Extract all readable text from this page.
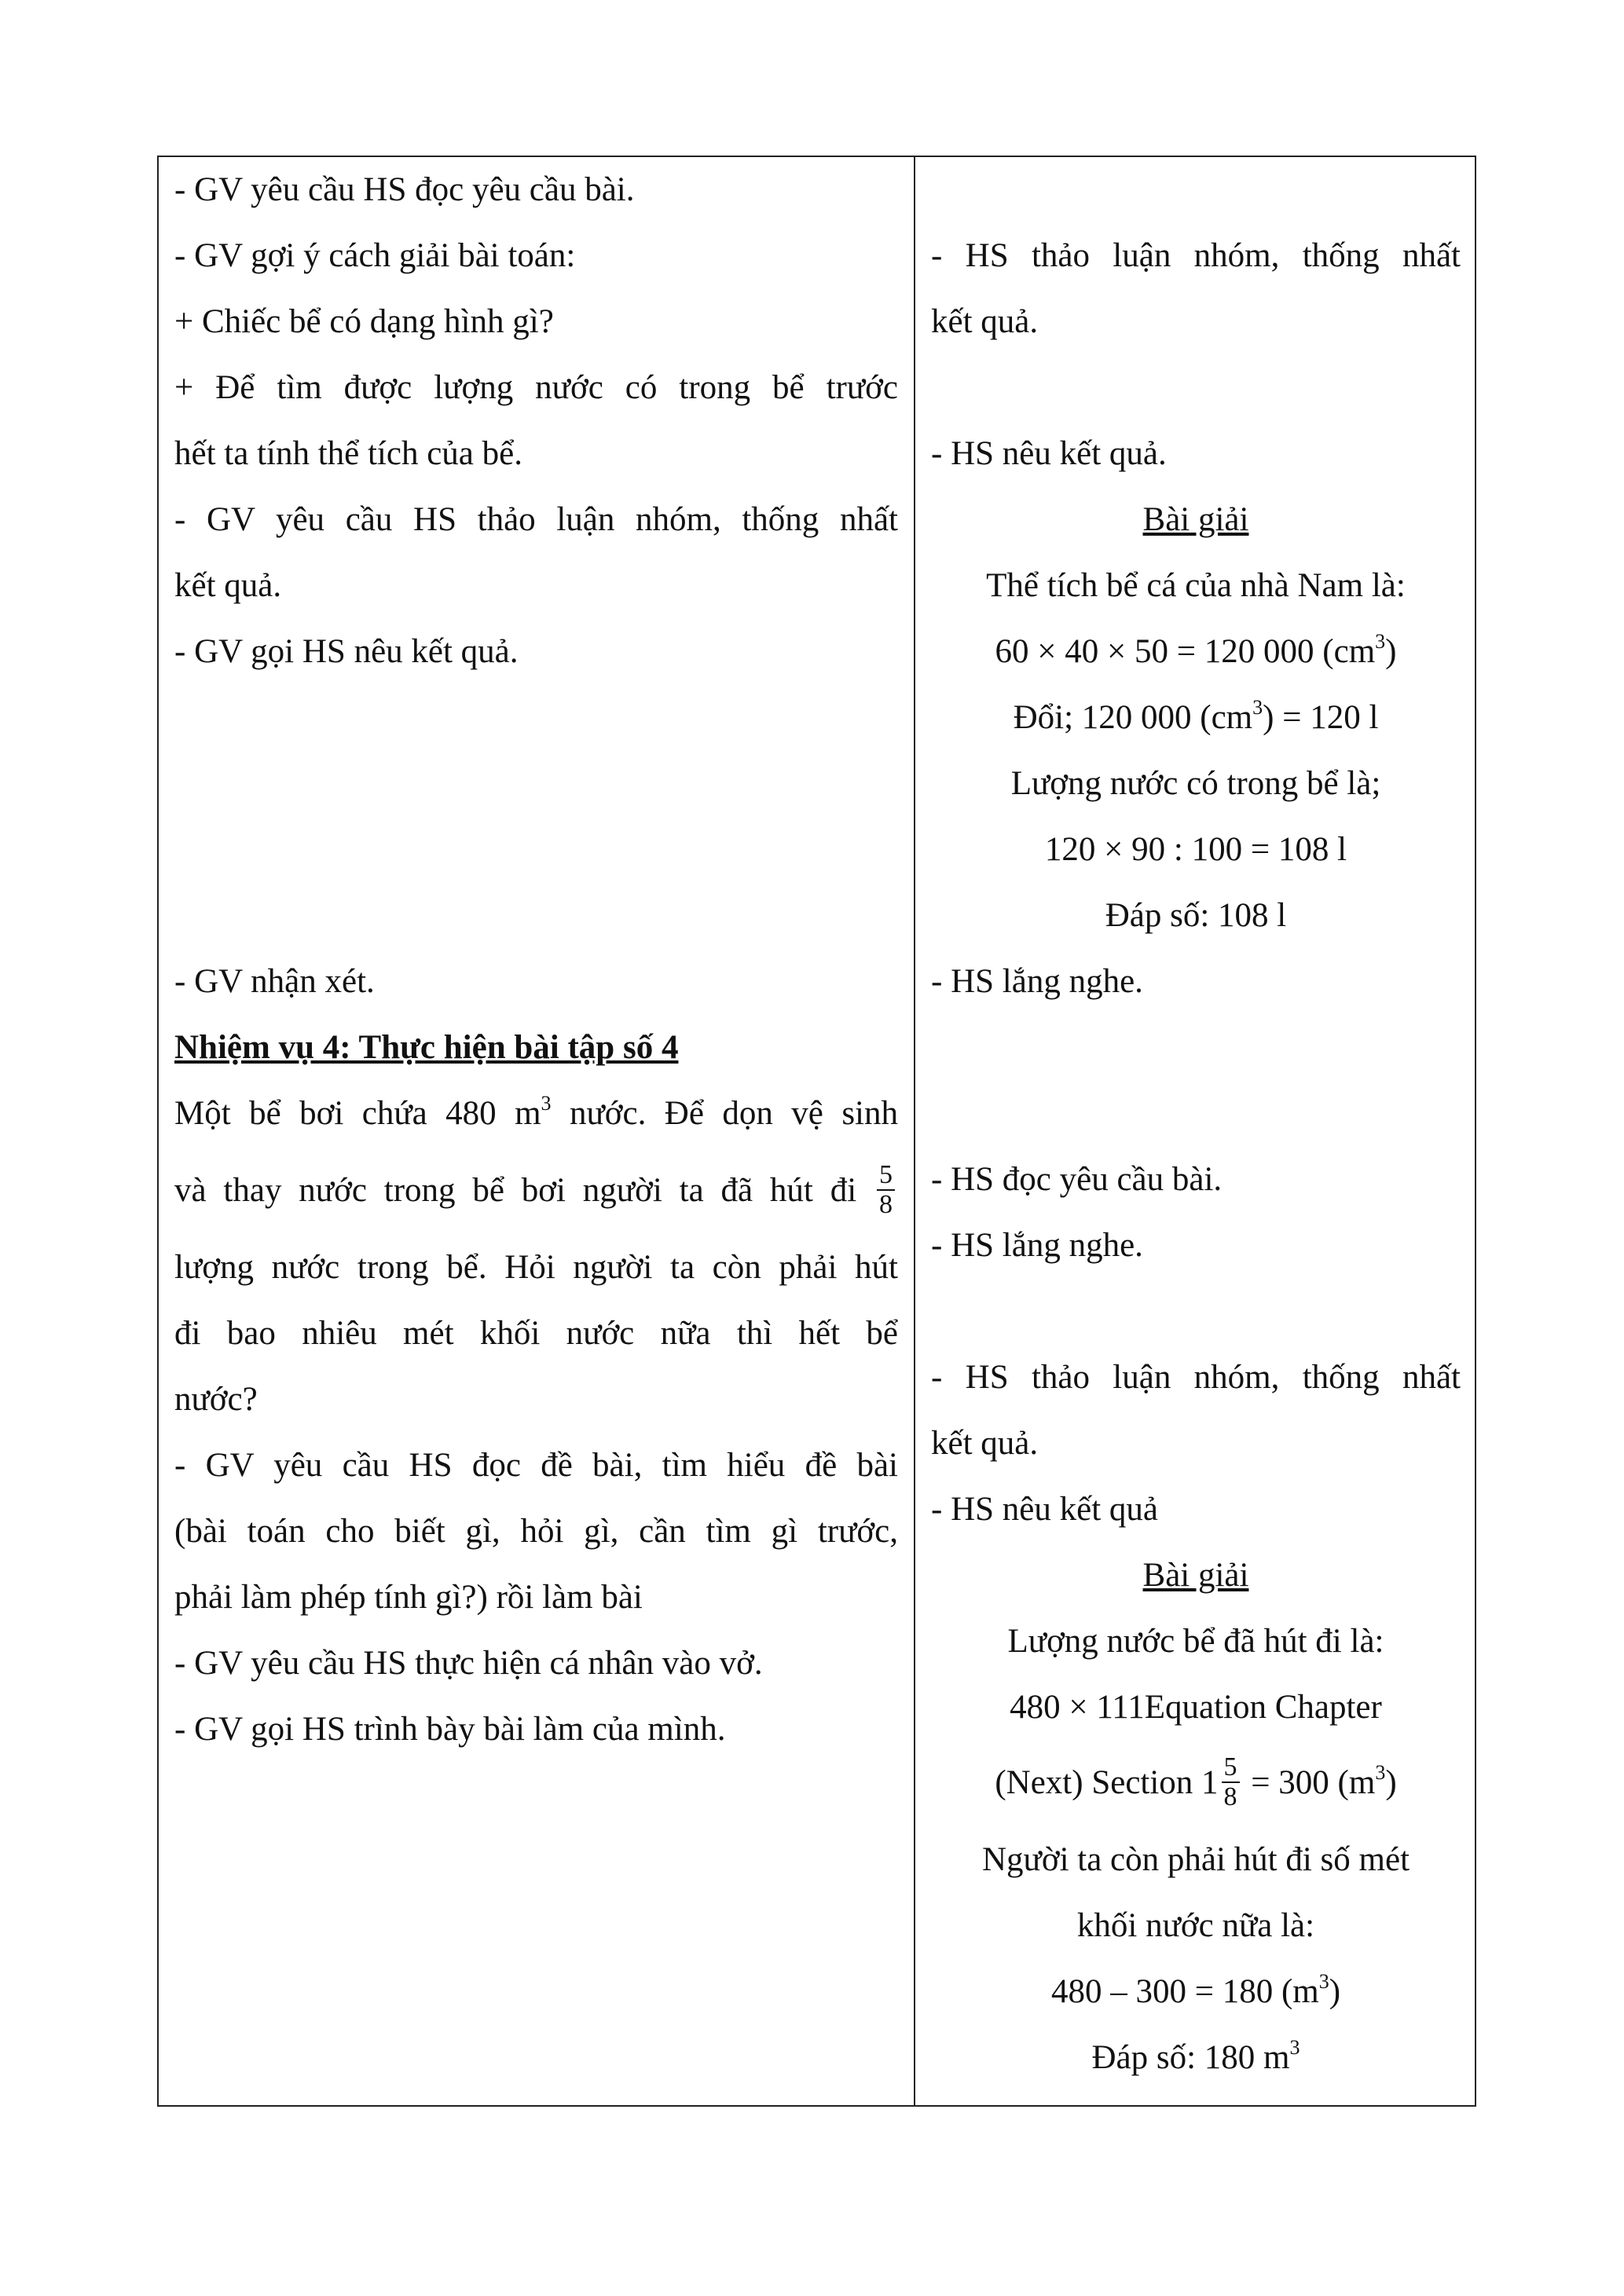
- GV yêu cầu HS đọc yêu cầu bài.
- GV gợi ý cách giải bài toán:
+ Chiếc bể có dạng hình gì?
+ Để tìm được lượng nước có trong bể trước
hết ta tính thể tích của bể.
- GV yêu cầu HS thảo luận nhóm, thống nhất
kết quả.
- GV gọi HS nêu kết quả.
- GV nhận xét.
Nhiệm vụ 4: Thực hiện bài tập số 4
Một bể bơi chứa 480 $m^3$ nước. Để dọn vệ sinh
và thay nước trong bể bơi người ta đã hút đi $\frac{5}{8}$
lượng nước trong bể. Hỏi người ta còn phải hút
đi bao nhiêu mét khối nước nữa thì hết bể
nước?
- GV yêu cầu HS đọc đề bài, tìm hiểu đề bài
(bài toán cho biết gì, hỏi gì, cần tìm gì trước,
phải làm phép tính gì?) rồi làm bài
- GV yêu cầu HS thực hiện cá nhân vào vở.
- GV gọi HS trình bày bài làm của mình.
- HS thảo luận nhóm, thống nhất
kết quả.
- HS nêu kết quả.
Bài giải
Thể tích bể cá của nhà Nam là:
60 × 40 × 50 = 120 000 $(cm^3)$
Đổi; 120 000 $(cm^3) = 120$ l
Lượng nước có trong bể là;
120 × 90 : 100 = 108 l
Đáp số: 108 l
- HS lắng nghe.
- HS đọc yêu cầu bài.
- HS lắng nghe.
- HS thảo luận nhóm, thống nhất
kết quả.
- HS nêu kết quả
Bài giải
Lượng nước bể đã hút đi là:
480 × 111Equation Chapter
(Next) Section $1 \frac{5}{8} = 300$ $(m^3)$
Người ta còn phải hút đi số mét
khối nước nữa là:
480 – 300 = 180 $(m^3)$
Đáp số: 180 $m^3$
